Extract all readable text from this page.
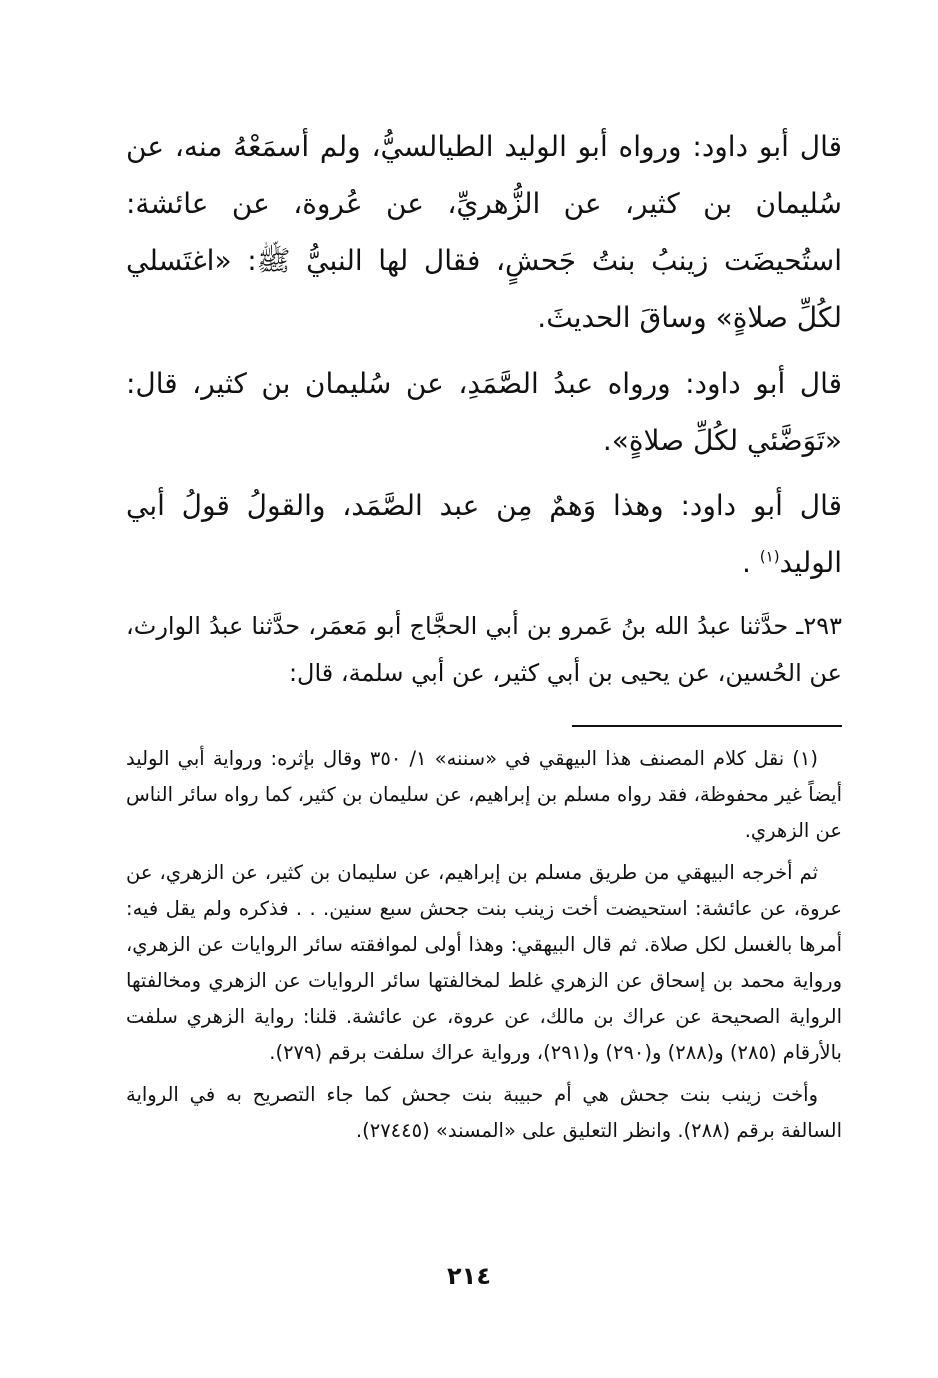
قال أبو داود: ورواه أبو الوليد الطيالسيُّ، ولم أسمَعْهُ منه، عن سُليمان بن كثير، عن الزُّهريِّ، عن عُروة، عن عائشة: استُحيضَت زينبُ بنتُ جَحشٍ، فقال لها النبيُّ ﷺ: «اغتَسلي لكُلِّ صلاةٍ» وساقَ الحديثَ.

قال أبو داود: ورواه عبدُ الصَّمَدِ، عن سُليمان بن كثير، قال: «تَوَضَّئي لكُلِّ صلاةٍ».

قال أبو داود: وهذا وَهمٌ مِن عبد الصَّمَد، والقولُ قولُ أبي الوليد$^{(١)}$ .

٢٩٣ـ حدَّثنا عبدُ الله بنُ عَمرو بن أبي الحجَّاج أبو مَعمَر، حدَّثنا عبدُ الوارث، عن الحُسين، عن يحيى بن أبي كثير، عن أبي سلمة، قال:

(١) نقل كلام المصنف هذا البيهقي في «سننه» ١/ ٣٥٠ وقال بإثره: ورواية أبي الوليد أيضاً غير محفوظة، فقد رواه مسلم بن إبراهيم، عن سليمان بن كثير، كما رواه سائر الناس عن الزهري.

ثم أخرجه البيهقي من طريق مسلم بن إبراهيم، عن سليمان بن كثير، عن الزهري، عن عروة، عن عائشة: استحيضت أخت زينب بنت جحش سبع سنين. . . فذكره ولم يقل فيه: أمرها بالغسل لكل صلاة. ثم قال البيهقي: وهذا أولى لموافقته سائر الروايات عن الزهري، ورواية محمد بن إسحاق عن الزهري غلط لمخالفتها سائر الروايات عن الزهري ومخالفتها الرواية الصحيحة عن عراك بن مالك، عن عروة، عن عائشة. قلنا: رواية الزهري سلفت بالأرقام (٢٨٥) و(٢٨٨) و(٢٩٠) و(٢٩١)، ورواية عراك سلفت برقم (٢٧٩).

وأخت زينب بنت جحش هي أم حبيبة بنت جحش كما جاء التصريح به في الرواية السالفة برقم (٢٨٨). وانظر التعليق على «المسند» (٢٧٤٤٥).

٢١٤
